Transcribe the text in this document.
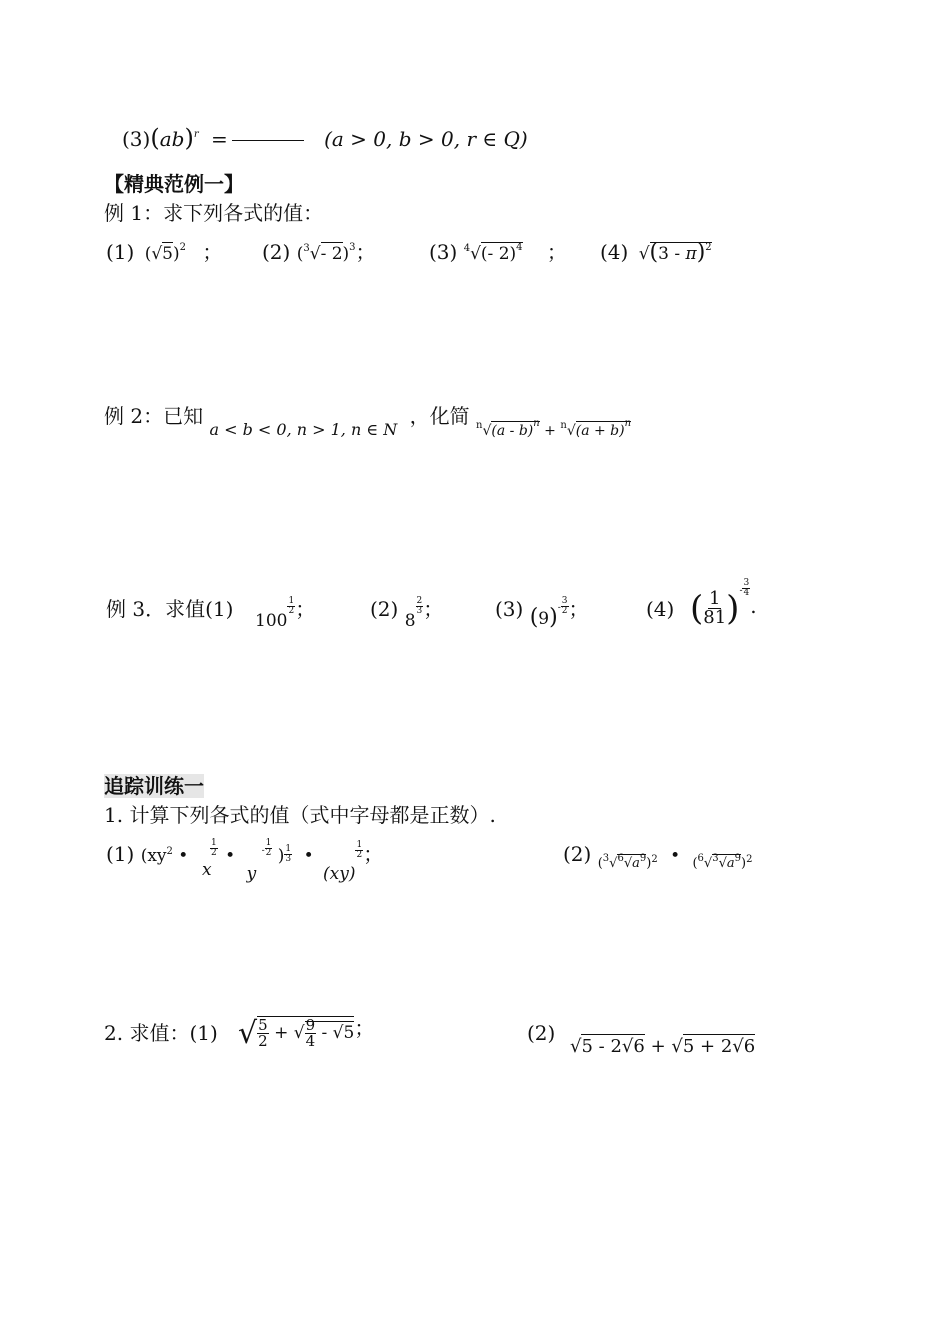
(3)(ab)$^r$ =	(a > 0, b > 0, r ∈ Q)
【精典范例一】
例 1：求下列各式的值：
(1) $(√5)^2$ ； (2) ($^3$√- 2)$^3$；	(3) $^4$√(- 2)$^4$ ； (4) √(3 - π)$^2$
例 2：已知 $_{a < b < 0, n > 1, n \in N}$ ，化简 $_{^n√(a - b)^n + ^n√(a + b)^n}$
例 3．求值(1) $_{100}$
$\frac{1}{2}$ ；	(2) $_8$
$\frac{2}{3}$ ；	(3) $_{(9)}^- \frac{3}{2}$ ；	(4) ( $\frac{1}{81} )^- \frac{3}{4}$
.
追踪训练一
1. 计算下列各式的值（式中字母都是正数）.
(1) ($xy^2$ • $\frac{1}{2}$

x
• y $^- \frac{1}{2}$ ) $\frac{1}{3}$ • (xy)
$\frac{1}{2}$ ；	(2) $_{(^3√^6√a^9)^2}$ • $_{(^6√^3√a^9)^2}$
2. 求值：(1) √ $\frac{5}{2}$ + √ $\frac{9}{4} - √5$；	(2)
√5 - 2√6 + √5 + 2√6
